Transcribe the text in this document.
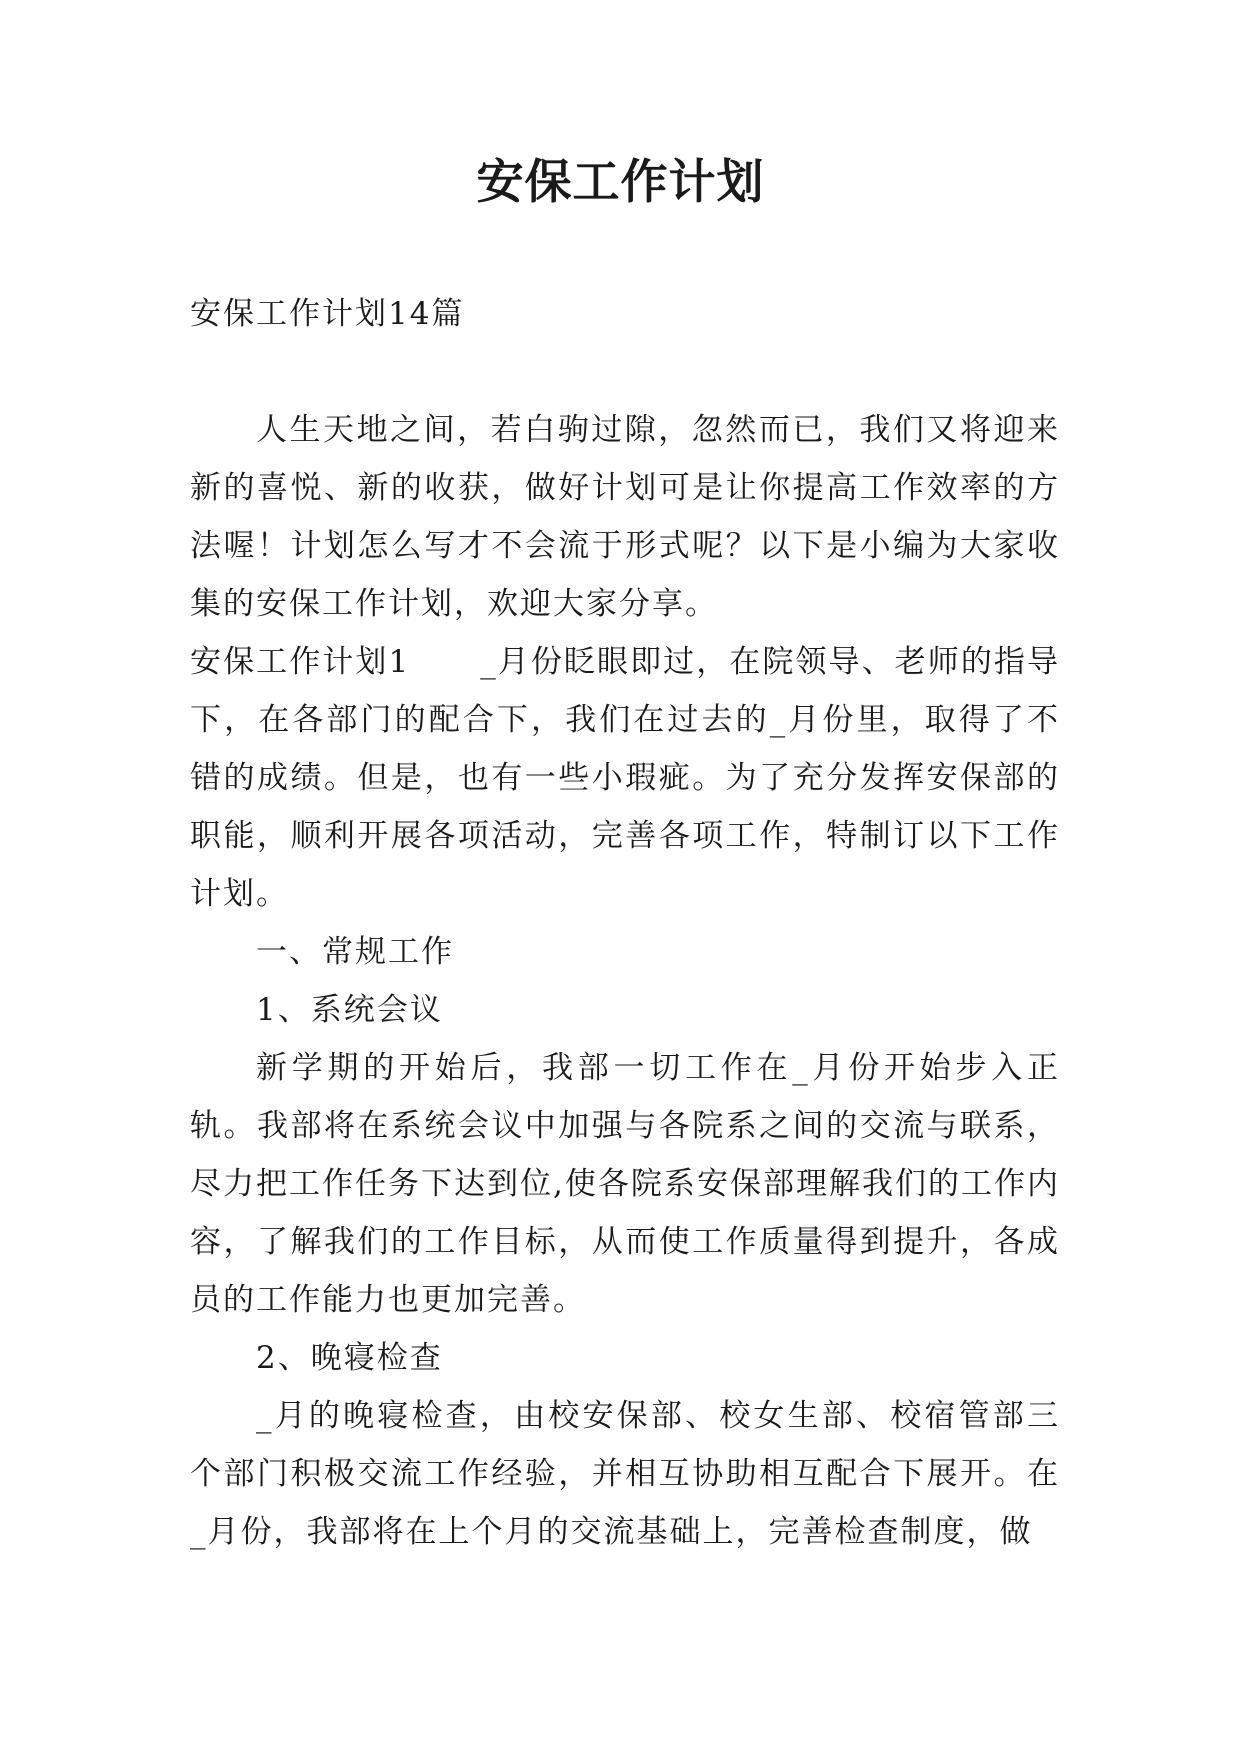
安保工作计划

安保工作计划14篇

人生天地之间，若白驹过隙，忽然而已，我们又将迎来新的喜悦、新的收获，做好计划可是让你提高工作效率的方法喔！计划怎么写才不会流于形式呢？以下是小编为大家收集的安保工作计划，欢迎大家分享。

安保工作计划1 _月份眨眼即过，在院领导、老师的指导下，在各部门的配合下，我们在过去的_月份里，取得了不错的成绩。但是，也有一些小瑕疵。为了充分发挥安保部的职能，顺利开展各项活动，完善各项工作，特制订以下工作计划。

一、常规工作

1、系统会议

新学期的开始后，我部一切工作在_月份开始步入正轨。我部将在系统会议中加强与各院系之间的交流与联系，尽力把工作任务下达到位,使各院系安保部理解我们的工作内容，了解我们的工作目标，从而使工作质量得到提升，各成员的工作能力也更加完善。

2、晚寝检查

_月的晚寝检查，由校安保部、校女生部、校宿管部三个部门积极交流工作经验，并相互协助相互配合下展开。在_月份，我部将在上个月的交流基础上，完善检查制度，做
